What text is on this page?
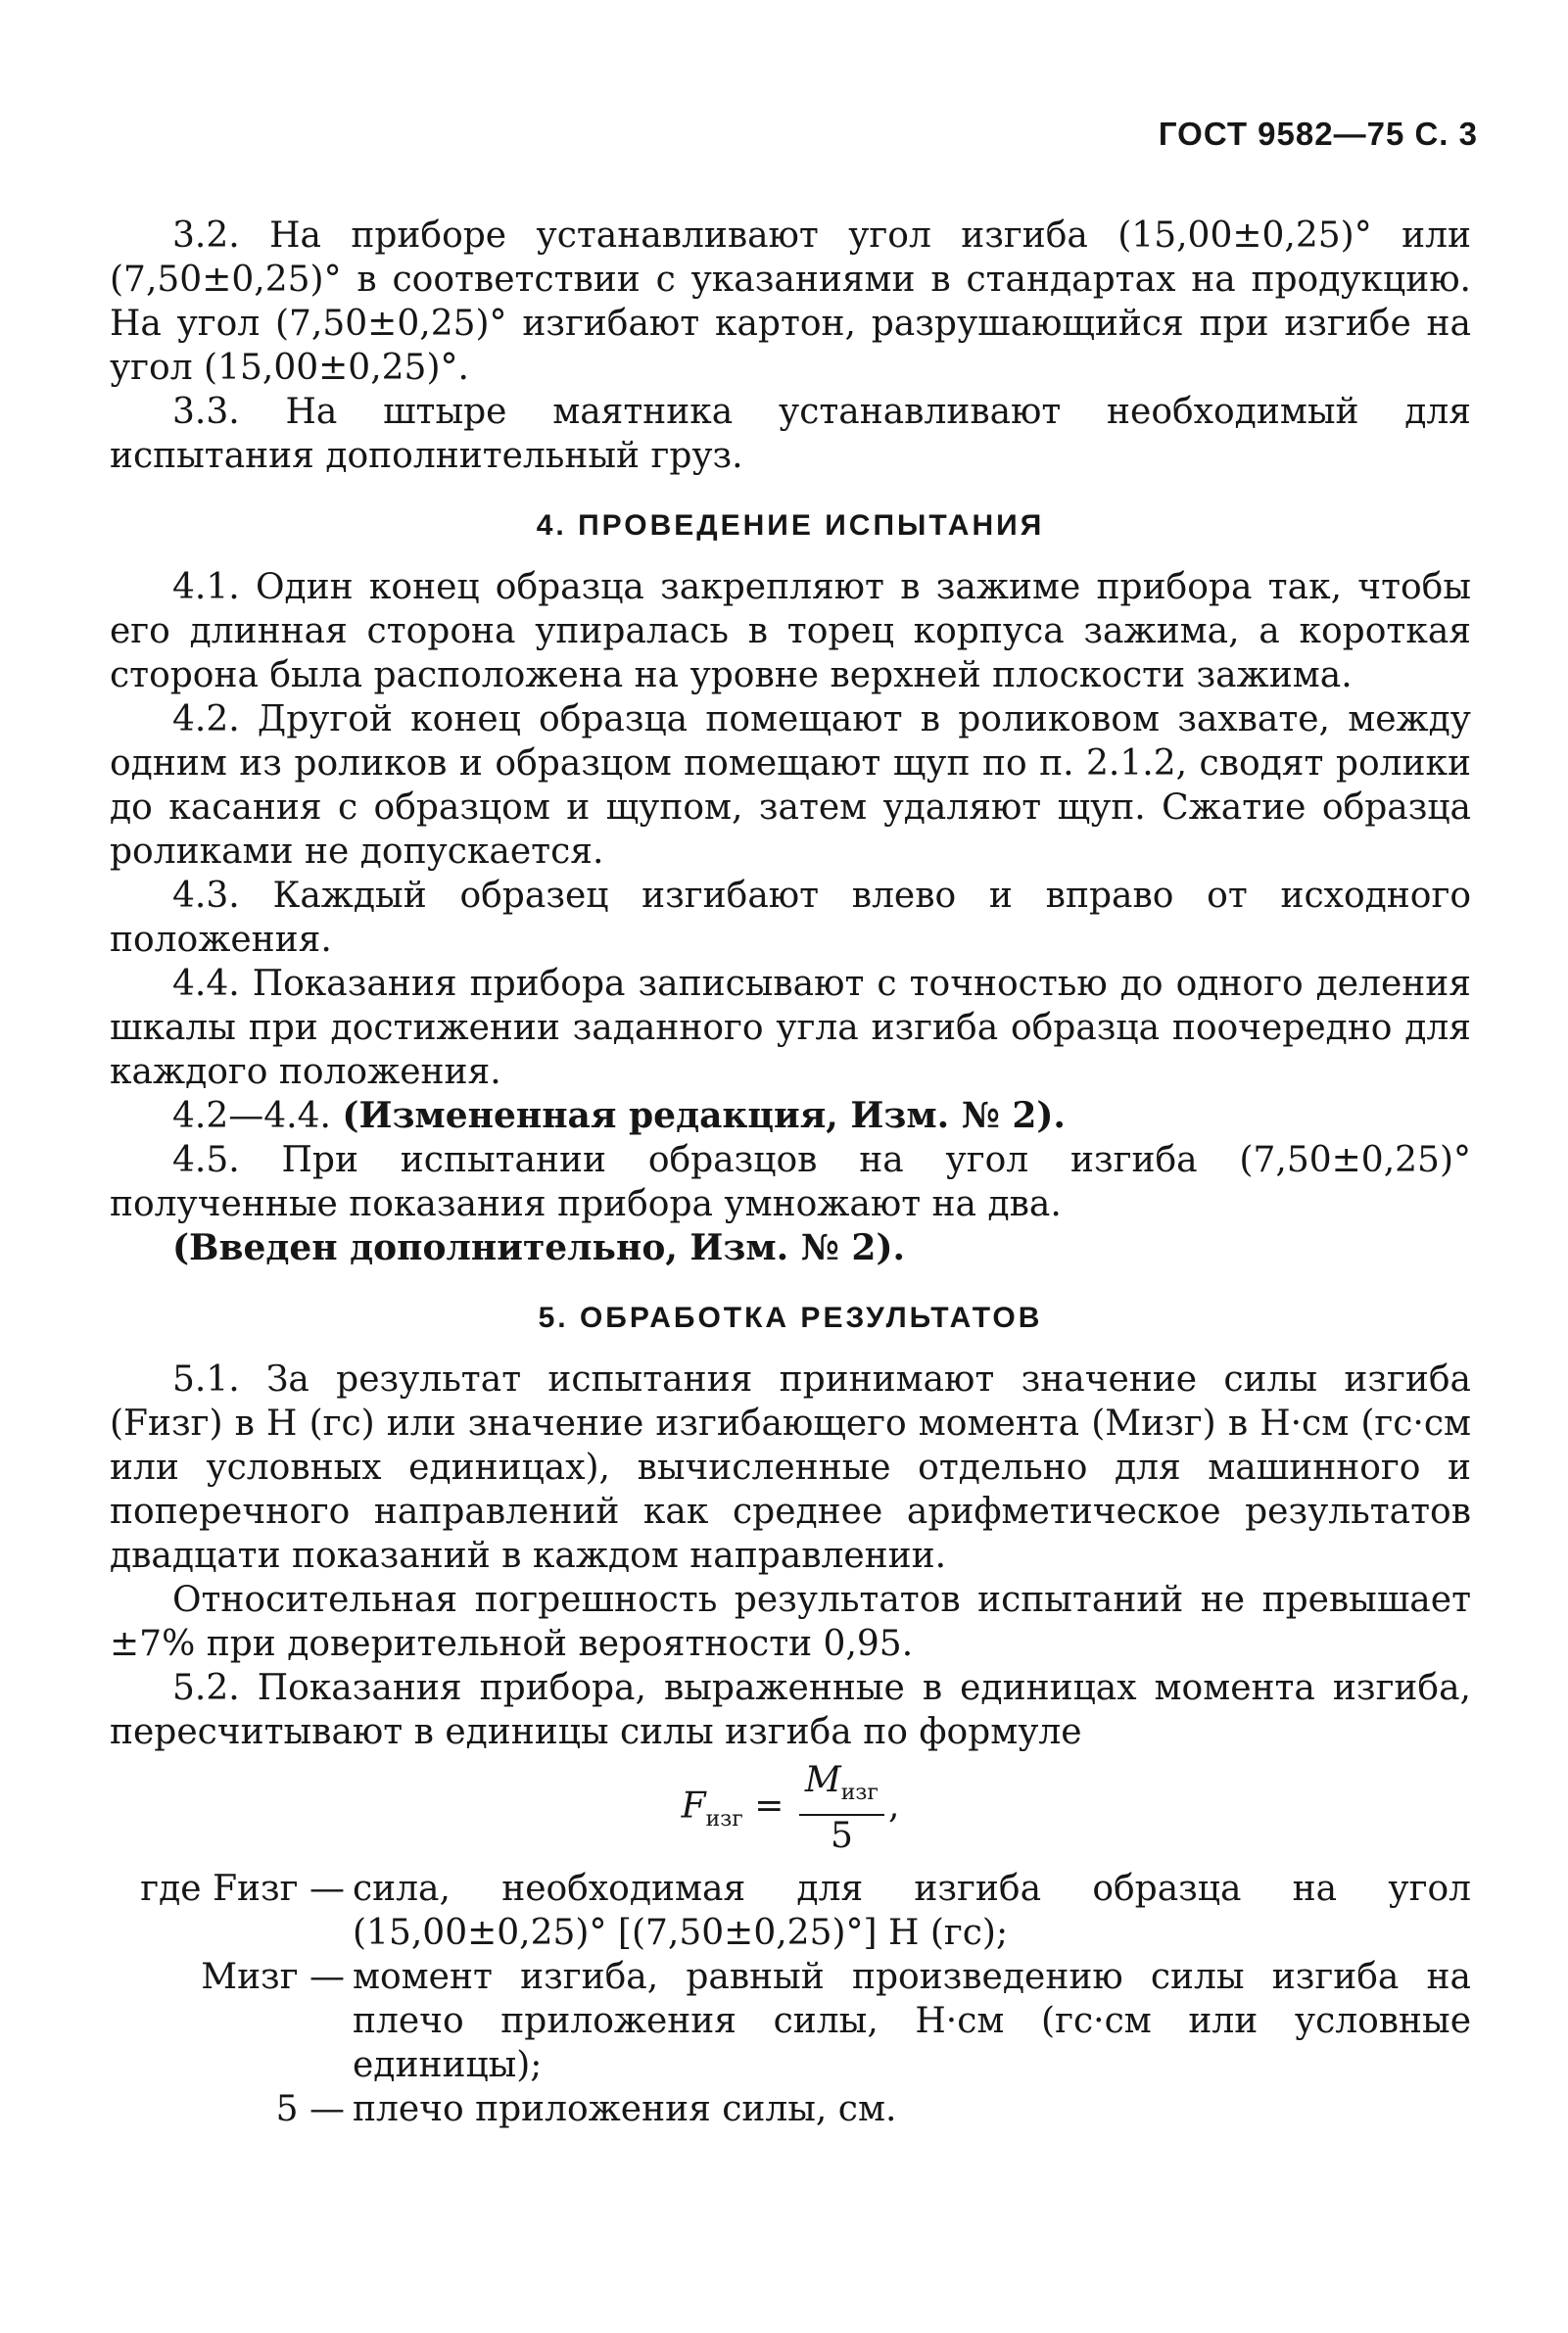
ГОСТ 9582—75 С. 3

3.2. На приборе устанавливают угол изгиба (15,00±0,25)° или (7,50±0,25)° в соответствии с указаниями в стандартах на продукцию. На угол (7,50±0,25)° изгибают картон, разрушающийся при изгибе на угол (15,00±0,25)°.

3.3. На штыре маятника устанавливают необходимый для испытания дополнительный груз.

4. ПРОВЕДЕНИЕ ИСПЫТАНИЯ

4.1. Один конец образца закрепляют в зажиме прибора так, чтобы его длинная сторона упиралась в торец корпуса зажима, а короткая сторона была расположена на уровне верхней плоскости зажима.

4.2. Другой конец образца помещают в роликовом захвате, между одним из роликов и образцом помещают щуп по п. 2.1.2, сводят ролики до касания с образцом и щупом, затем удаляют щуп. Сжатие образца роликами не допускается.

4.3. Каждый образец изгибают влево и вправо от исходного положения.

4.4. Показания прибора записывают с точностью до одного деления шкалы при достижении заданного угла изгиба образца поочередно для каждого положения.

4.2—4.4. (Измененная редакция, Изм. № 2).

4.5. При испытании образцов на угол изгиба (7,50±0,25)° полученные показания прибора умножают на два.

(Введен дополнительно, Изм. № 2).

5. ОБРАБОТКА РЕЗУЛЬТАТОВ

5.1. За результат испытания принимают значение силы изгиба (Fизг) в Н (гс) или значение изгибающего момента (Mизг) в Н·см (гс·см или условных единицах), вычисленные отдельно для машинного и поперечного направлений как среднее арифметическое результатов двадцати показаний в каждом направлении.

Относительная погрешность результатов испытаний не превышает ±7% при доверительной вероятности 0,95.

5.2. Показания прибора, выраженные в единицах момента изгиба, пересчитывают в единицы силы изгиба по формуле

$F_{изг} = \frac{M_{изг}}{5}$ ,
где Fизг —	сила, необходимая для изгиба образца на угол (15,00±0,25)° [(7,50±0,25)°] Н (гс);
Mизг —	момент изгиба, равный произведению силы изгиба на плечо приложения силы, Н·см (гс·см или условные единицы);
5 —	плечо приложения силы, см.
